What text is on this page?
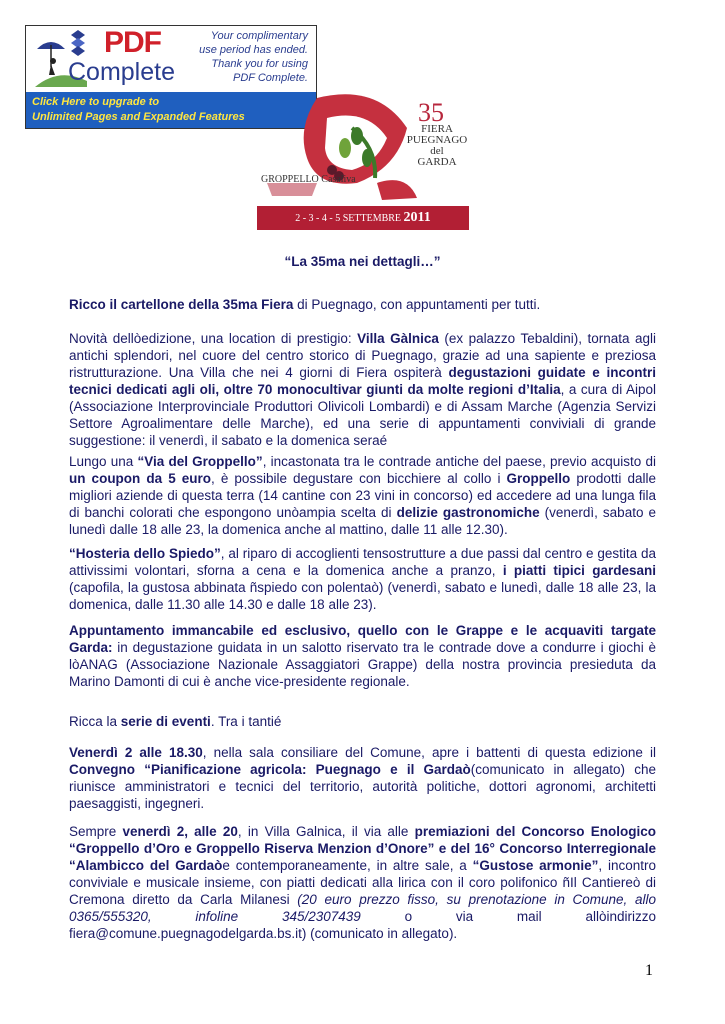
PDF
Complete
Your complimentary
use period has ended.
Thank you for using
PDF Complete.
Click Here to upgrade to
Unlimited Pages and Expanded Features	35
FIERA
PUEGNAGO
del
GARDA
GROPPELLO Casaliva
2 - 3 - 4 - 5 SETTEMBRE 2011
“La 35ma nei dettagli…”

Ricco il cartellone della 35ma Fiera di Puegnago, con appuntamenti per tutti.

Novità dellòedizione, una location di prestigio: Villa Gàlnica (ex palazzo Tebaldini), tornata agli antichi splendori, nel cuore del centro storico di Puegnago, grazie ad una sapiente e preziosa ristrutturazione. Una Villa che nei 4 giorni di Fiera ospiterà degustazioni guidate e incontri tecnici dedicati agli oli, oltre 70 monocultivar giunti da molte regioni d’Italia, a cura di Aipol (Associazione Interprovinciale Produttori Olivicoli Lombardi) e di Assam Marche (Agenzia Servizi Settore Agroalimentare delle Marche), ed una serie di appuntamenti conviviali di grande suggestione: il venerdì, il sabato e la domenica seraé

Lungo una “Via del Groppello”, incastonata tra le contrade antiche del paese, previo acquisto di un coupon da 5 euro, è possibile degustare con bicchiere al collo i Groppello prodotti dalle migliori aziende di questa terra (14 cantine con 23 vini in concorso) ed accedere ad una lunga fila di banchi colorati che espongono unòampia scelta di delizie gastronomiche (venerdì, sabato e lunedì dalle 18 alle 23, la domenica anche al mattino, dalle 11 alle 12.30).

“Hosteria dello Spiedo”, al riparo di accoglienti tensostrutture a due passi dal centro e gestita da attivissimi volontari, sforna a cena e la domenica anche a pranzo, i piatti tipici gardesani (capofila, la gustosa abbinata ñspiedo con polentaò) (venerdì, sabato e lunedì, dalle 18 alle 23, la domenica, dalle 11.30 alle 14.30 e dalle 18 alle 23).

Appuntamento immancabile ed esclusivo, quello con le Grappe e le acquaviti targate Garda: in degustazione guidata in un salotto riservato tra le contrade dove a condurre i giochi è lòANAG (Associazione Nazionale Assaggiatori Grappe) della nostra provincia presieduta da Marino Damonti di cui è anche vice-presidente regionale.

Ricca la serie di eventi. Tra i tantié

Venerdì 2 alle 18.30, nella sala consiliare del Comune, apre i battenti di questa edizione il Convegno “Pianificazione agricola: Puegnago e il Gardaò(comunicato in allegato) che riunisce amministratori e tecnici del territorio, autorità politiche, dottori agronomi, architetti paesaggisti, ingegneri.

Sempre venerdì 2, alle 20, in Villa Galnica, il via alle premiazioni del Concorso Enologico “Groppello d’Oro e Groppello Riserva Menzion d’Onore” e del 16° Concorso Interregionale “Alambicco del Gardaòe contemporaneamente, in altre sale, a “Gustose armonie”, incontro conviviale e musicale insieme, con piatti dedicati alla lirica con il coro polifonico ñIl Cantiereò di Cremona diretto da Carla Milanesi (20 euro prezzo fisso, su prenotazione in Comune, allo 0365/555320, infoline 345/2307439 o via mail allòindirizzo fiera@comune.puegnagodelgarda.bs.it) (comunicato in allegato).

1
